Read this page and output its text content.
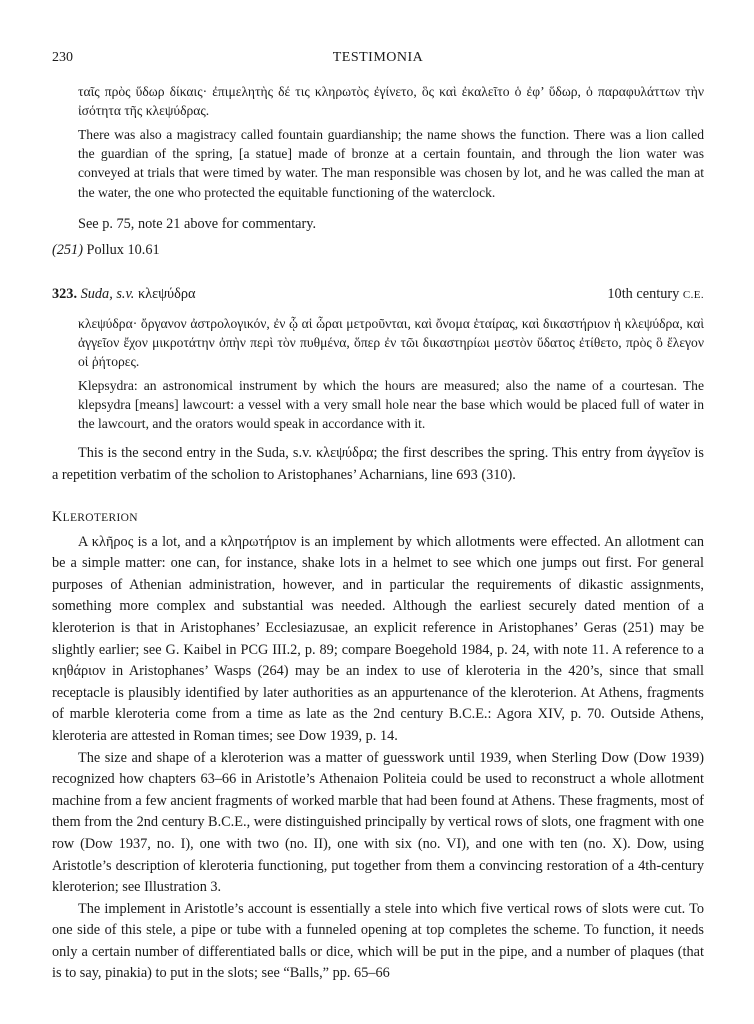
230	TESTIMONIA
ταῖς πρὸς ὕδωρ δίκαις· ἐπιμελητὴς δέ τις κληρωτὸς ἐγίνετο, ὃς καὶ ἐκαλεῖτο ὁ ἐφ’ ὕδωρ, ὁ παραφυλάττων τὴν ἰσότητα τῆς κλεψύδρας.
There was also a magistracy called fountain guardianship; the name shows the function. There was a lion called the guardian of the spring, [a statue] made of bronze at a certain fountain, and through the lion water was conveyed at trials that were timed by water. The man responsible was chosen by lot, and he was called the man at the water, the one who protected the equitable functioning of the waterclock.
See p. 75, note 21 above for commentary.
(251) Pollux 10.61
323. Suda, s.v. κλεψύδρα	10th century C.E.
κλεψύδρα· ὄργανον ἀστρολογικόν, ἐν ᾧ αἱ ὧραι μετροῦνται, καὶ ὄνομα ἑταίρας, καὶ δικαστήριον ἡ κλεψύδρα, καὶ ἀγγεῖον ἔχον μικροτάτην ὀπὴν περὶ τὸν πυθμένα, ὅπερ ἐν τῶι δικαστηρίωι μεστὸν ὕδατος ἐτίθετο, πρὸς ὃ ἔλεγον οἱ ῥήτορες.
Klepsydra: an astronomical instrument by which the hours are measured; also the name of a courtesan. The klepsydra [means] lawcourt: a vessel with a very small hole near the base which would be placed full of water in the lawcourt, and the orators would speak in accordance with it.

This is the second entry in the Suda, s.v. κλεψύδρα; the first describes the spring. This entry from ἀγγεῖον is a repetition verbatim of the scholion to Aristophanes’ Acharnians, line 693 (310).

KLEROTERION

A κλῆρος is a lot, and a κληρωτήριον is an implement by which allotments were effected. An allotment can be a simple matter: one can, for instance, shake lots in a helmet to see which one jumps out first. For general purposes of Athenian administration, however, and in particular the requirements of dikastic assignments, something more complex and substantial was needed. Although the earliest securely dated mention of a kleroterion is that in Aristophanes’ Ecclesiazusae, an explicit reference in Aristophanes’ Geras (251) may be slightly earlier; see G. Kaibel in PCG III.2, p. 89; compare Boegehold 1984, p. 24, with note 11. A reference to a κηθάριον in Aristophanes’ Wasps (264) may be an index to use of kleroteria in the 420’s, since that small receptacle is plausibly identified by later authorities as an appurtenance of the kleroterion. At Athens, fragments of marble kleroteria come from a time as late as the 2nd century B.C.E.: Agora XIV, p. 70. Outside Athens, kleroteria are attested in Roman times; see Dow 1939, p. 14.

The size and shape of a kleroterion was a matter of guesswork until 1939, when Sterling Dow (Dow 1939) recognized how chapters 63–66 in Aristotle’s Athenaion Politeia could be used to reconstruct a whole allotment machine from a few ancient fragments of worked marble that had been found at Athens. These fragments, most of them from the 2nd century B.C.E., were distinguished principally by vertical rows of slots, one fragment with one row (Dow 1937, no. I), one with two (no. II), one with six (no. VI), and one with ten (no. X). Dow, using Aristotle’s description of kleroteria functioning, put together from them a convincing restoration of a 4th-century kleroterion; see Illustration 3.

The implement in Aristotle’s account is essentially a stele into which five vertical rows of slots were cut. To one side of this stele, a pipe or tube with a funneled opening at top completes the scheme. To function, it needs only a certain number of differentiated balls or dice, which will be put in the pipe, and a number of plaques (that is to say, pinakia) to put in the slots; see “Balls,” pp. 65–66
